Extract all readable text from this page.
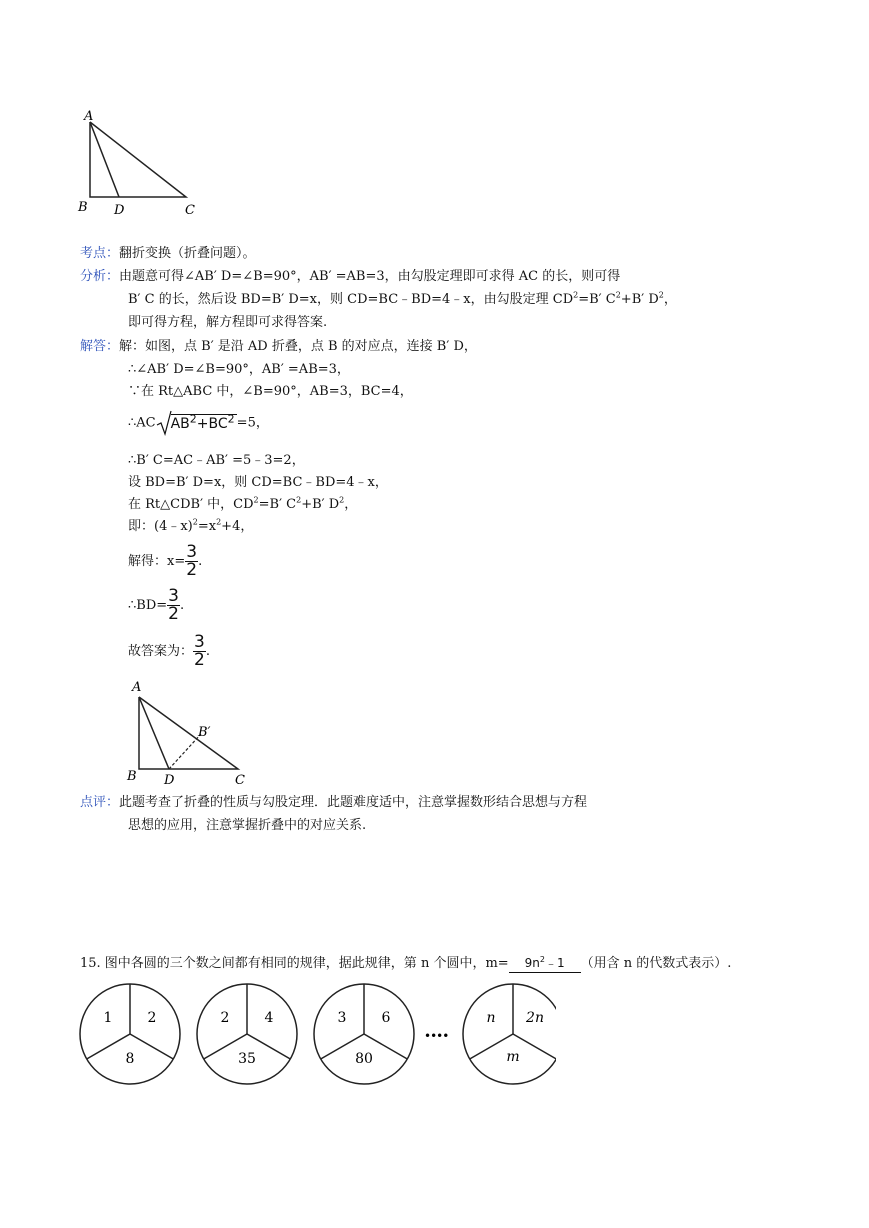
A
B D	C
考点：翻折变换（折叠问题）。
分析：由题意可得∠AB′ D=∠B=90°，AB′ =AB=3，由勾股定理即可求得 AC 的长，则可得
B′ C 的长，然后设 BD=B′ D=x，则 CD=BC﹣BD=4﹣x，由勾股定理 $CD^2=B'$ $C^2+B'$ $D^2$，
即可得方程，解方程即可求得答案.
解答：解：如图，点 B′ 是沿 AD 折叠，点 B 的对应点，连接 B′ D，
∴∠AB′ D=∠B=90°，AB′ =AB=3，
∵在 Rt△ABC 中，∠B=90°，AB=3，BC=4，
∴AC $AB^2+BC^2 =5$，
∴B′ C=AC﹣AB′ =5﹣3=2，
设 BD=B′ D=x，则 CD=BC﹣BD=4﹣x，
在 Rt△CDB′ 中，$CD^2=B'$ $C^2+B'$ $D^2$，
即：$(4﹣x)^2=x^2+4$，
解得：$x= \frac{3}{2}$ .
∴BD= $\frac{3}{2}$ .
故答案为： $\frac{3}{2}$ .
A
B′
B D	C
点评：此题考查了折叠的性质与勾股定理．此题难度适中，注意掌握数形结合思想与方程
思想的应用，注意掌握折叠中的对应关系.
15. 图中各圆的三个数之间都有相同的规律，据此规律，第 n 个圆中，$m= 9n^2﹣1$ （用含 n 的代数式表示）.
1	2
8
2	4
35
3	6
80
••••
n 2n
m
